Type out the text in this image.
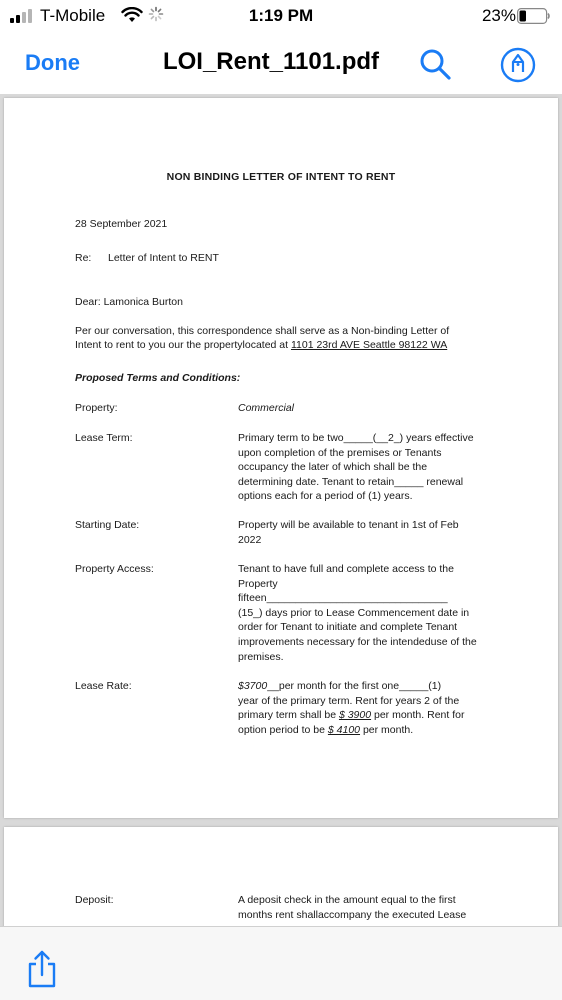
T-Mobile	1:19 PM	23%
Done	LOI_Rent_1101.pdf
NON BINDING LETTER OF INTENT TO RENT
28 September 2021
Re: Letter of Intent to RENT
Dear: Lamonica Burton
Per our conversation, this correspondence shall serve as a Non-binding Letter of
Intent to rent to you our the propertylocated at 1101 23rd AVE Seattle 98122 WA
Proposed Terms and Conditions:
Property:	Commercial
Lease Term:	Primary term to be two_____(__2_) years effective
upon completion of the premises or Tenants
occupancy the later of which shall be the
determining date. Tenant to retain_____ renewal
options each for a period of (1) years.
Starting Date:	Property will be available to tenant in 1st of Feb
2022
Property Access:	Tenant to have full and complete access to the
Property fifteen_______________________________
(15_) days prior to Lease Commencement date in
order for Tenant to initiate and complete Tenant
improvements necessary for the intendeduse of the
premises.
Lease Rate:	$3700__per month for the first one_____(1)
year of the primary term. Rent for years 2 of the
primary term shall be $ 3900 per month. Rent for
option period to be $ 4100 per month.
Deposit:	A deposit check in the amount equal to the first
months rent shallaccompany the executed Lease
